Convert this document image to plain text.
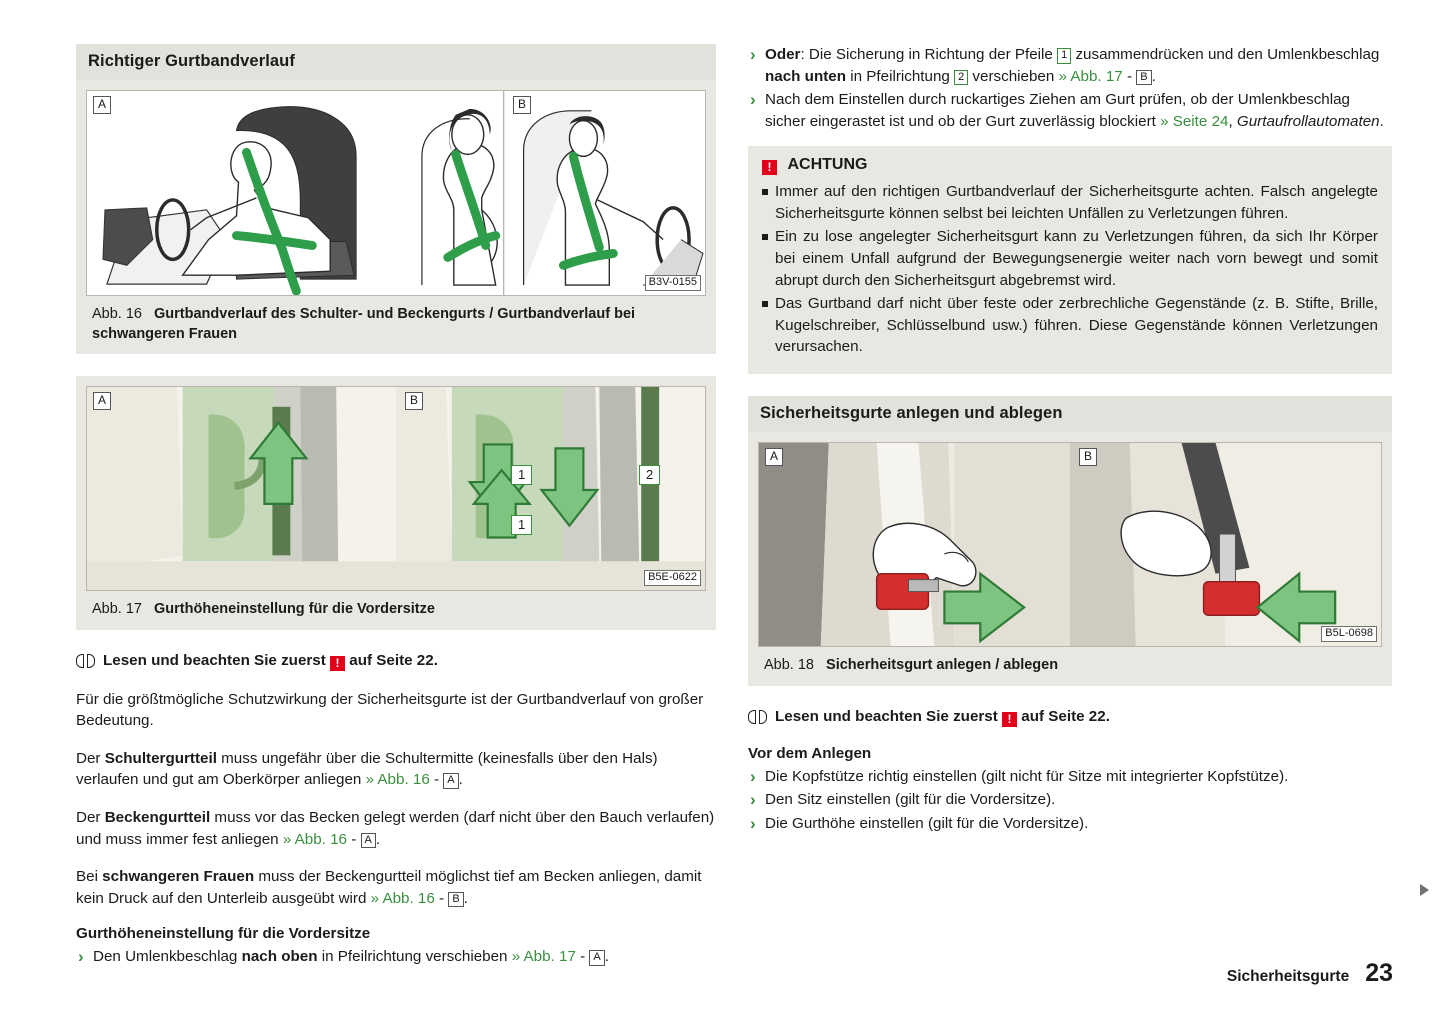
Richtiger Gurtbandverlauf
A	B
B3V-0155
Abb. 16 Gurtbandverlauf des Schulter- und Beckengurts / Gurtbandverlauf bei schwangeren Frauen
A	B
1
1
2
B5E-0622
Abb. 17 Gurthöheneinstellung für die Vordersitze
Lesen und beachten Sie zuerst ! auf Seite 22.

Für die größtmögliche Schutzwirkung der Sicherheitsgurte ist der Gurtbandverlauf von großer Bedeutung.

Der Schultergurtteil muss ungefähr über die Schultermitte (keinesfalls über den Hals) verlaufen und gut am Oberkörper anliegen » Abb. 16 - A .

Der Beckengurtteil muss vor das Becken gelegt werden (darf nicht über den Bauch verlaufen) und muss immer fest anliegen » Abb. 16 - A .

Bei schwangeren Frauen muss der Beckengurtteil möglichst tief am Becken anliegen, damit kein Druck auf den Unterleib ausgeübt wird » Abb. 16 - B .

Gurthöheneinstellung für die Vordersitze
› Den Umlenkbeschlag nach oben in Pfeilrichtung verschieben » Abb. 17 - A .
› Oder: Die Sicherung in Richtung der Pfeile 1 zusammendrücken und den Umlenkbeschlag nach unten in Pfeilrichtung 2 verschieben » Abb. 17 - B .
› Nach dem Einstellen durch ruckartiges Ziehen am Gurt prüfen, ob der Umlenkbeschlag sicher eingerastet ist und ob der Gurt zuverlässig blockiert » Seite 24, Gurtaufrollautomaten.
! ACHTUNG

Immer auf den richtigen Gurtbandverlauf der Sicherheitsgurte achten. Falsch angelegte Sicherheitsgurte können selbst bei leichten Unfällen zu Verletzungen führen.

Ein zu lose angelegter Sicherheitsgurt kann zu Verletzungen führen, da sich Ihr Körper bei einem Unfall aufgrund der Bewegungsenergie weiter nach vorn bewegt und somit abrupt durch den Sicherheitsgurt abgebremst wird.

Das Gurtband darf nicht über feste oder zerbrechliche Gegenstände (z. B. Stifte, Brille, Kugelschreiber, Schlüsselbund usw.) führen. Diese Gegenstände können Verletzungen verursachen.

Sicherheitsgurte anlegen und ablegen
A	B
B5L-0698
Abb. 18 Sicherheitsgurt anlegen / ablegen
Lesen und beachten Sie zuerst ! auf Seite 22.
Vor dem Anlegen
› Die Kopfstütze richtig einstellen (gilt nicht für Sitze mit integrierter Kopfstütze).
› Den Sitz einstellen (gilt für die Vordersitze).
› Die Gurthöhe einstellen (gilt für die Vordersitze).
Sicherheitsgurte 23
